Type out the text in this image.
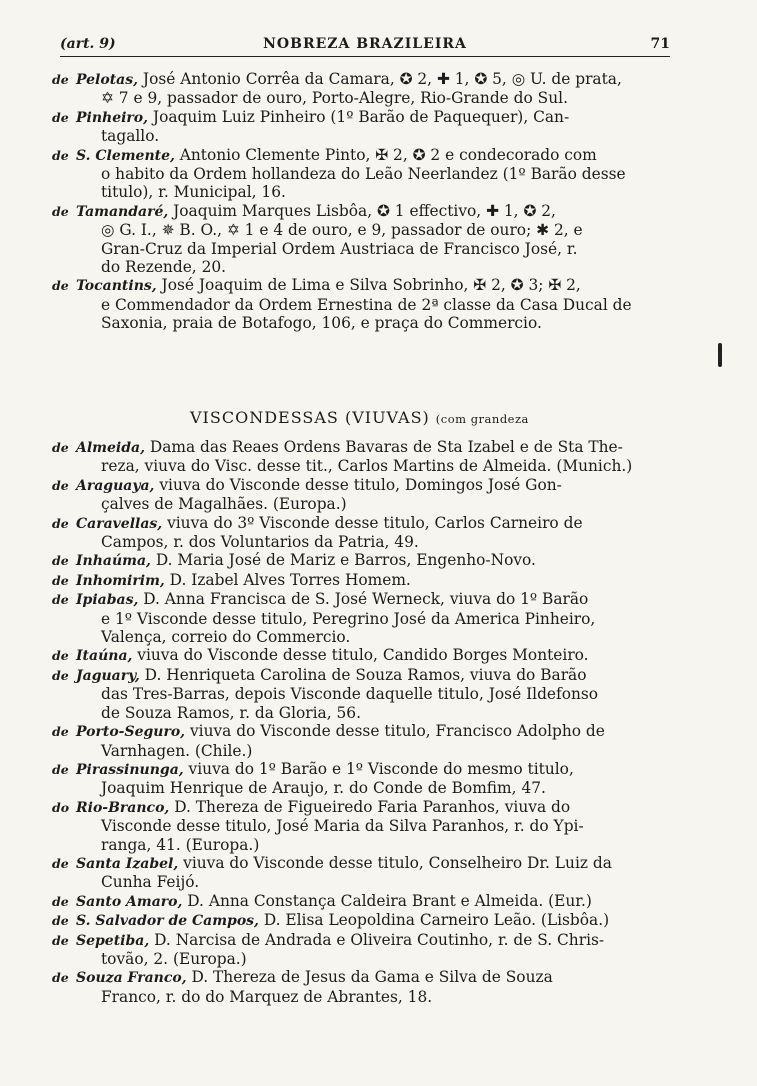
(art. 9)	NOBREZA BRAZILEIRA	71
de Pelotas, José Antonio Corrêa da Camara, ✪ 2, ✚ 1, ✪ 5, ◎ U. de prata,
✡ 7 e 9, passador de ouro, Porto-Alegre, Rio-Grande do Sul.
de Pinheiro, Joaquim Luiz Pinheiro (1º Barão de Paquequer), Can-
tagallo.
de S. Clemente, Antonio Clemente Pinto, ✠ 2, ✪ 2 e condecorado com
o habito da Ordem hollandeza do Leão Neerlandez (1º Barão desse
titulo), r. Municipal, 16.
de Tamandaré, Joaquim Marques Lisbôa, ✪ 1 effectivo, ✚ 1, ✪ 2,
◎ G. I., ✵ B. O., ✡ 1 e 4 de ouro, e 9, passador de ouro; ✱ 2, e
Gran-Cruz da Imperial Ordem Austriaca de Francisco José, r.
do Rezende, 20.
de Tocantins, José Joaquim de Lima e Silva Sobrinho, ✠ 2, ✪ 3; ✠ 2,
e Commendador da Ordem Ernestina de 2ª classe da Casa Ducal de
Saxonia, praia de Botafogo, 106, e praça do Commercio.
VISCONDESSAS (VIUVAS) (com grandeza
de Almeida, Dama das Reaes Ordens Bavaras de Sta Izabel e de Sta The-
reza, viuva do Visc. desse tit., Carlos Martins de Almeida. (Munich.)
de Araguaya, viuva do Visconde desse titulo, Domingos José Gon-
çalves de Magalhães. (Europa.)
de Caravellas, viuva do 3º Visconde desse titulo, Carlos Carneiro de
Campos, r. dos Voluntarios da Patria, 49.
de Inhaúma, D. Maria José de Mariz e Barros, Engenho-Novo.
de Inhomirim, D. Izabel Alves Torres Homem.
de Ipiabas, D. Anna Francisca de S. José Werneck, viuva do 1º Barão
e 1º Visconde desse titulo, Peregrino José da America Pinheiro,
Valença, correio do Commercio.
de Itaúna, viuva do Visconde desse titulo, Candido Borges Monteiro.
de Jaguary, D. Henriqueta Carolina de Souza Ramos, viuva do Barão
das Tres-Barras, depois Visconde daquelle titulo, José Ildefonso
de Souza Ramos, r. da Gloria, 56.
de Porto-Seguro, viuva do Visconde desse titulo, Francisco Adolpho de
Varnhagen. (Chile.)
de Pirassinunga, viuva do 1º Barão e 1º Visconde do mesmo titulo,
Joaquim Henrique de Araujo, r. do Conde de Bomfim, 47.
do Rio-Branco, D. Thereza de Figueiredo Faria Paranhos, viuva do
Visconde desse titulo, José Maria da Silva Paranhos, r. do Ypi-
ranga, 41. (Europa.)
de Santa Izabel, viuva do Visconde desse titulo, Conselheiro Dr. Luiz da
Cunha Feijó.
de Santo Amaro, D. Anna Constança Caldeira Brant e Almeida. (Eur.)
de S. Salvador de Campos, D. Elisa Leopoldina Carneiro Leão. (Lisbôa.)
de Sepetiba, D. Narcisa de Andrada e Oliveira Coutinho, r. de S. Chris-
tovão, 2. (Europa.)
de Souza Franco, D. Thereza de Jesus da Gama e Silva de Souza
Franco, r. do do Marquez de Abrantes, 18.
